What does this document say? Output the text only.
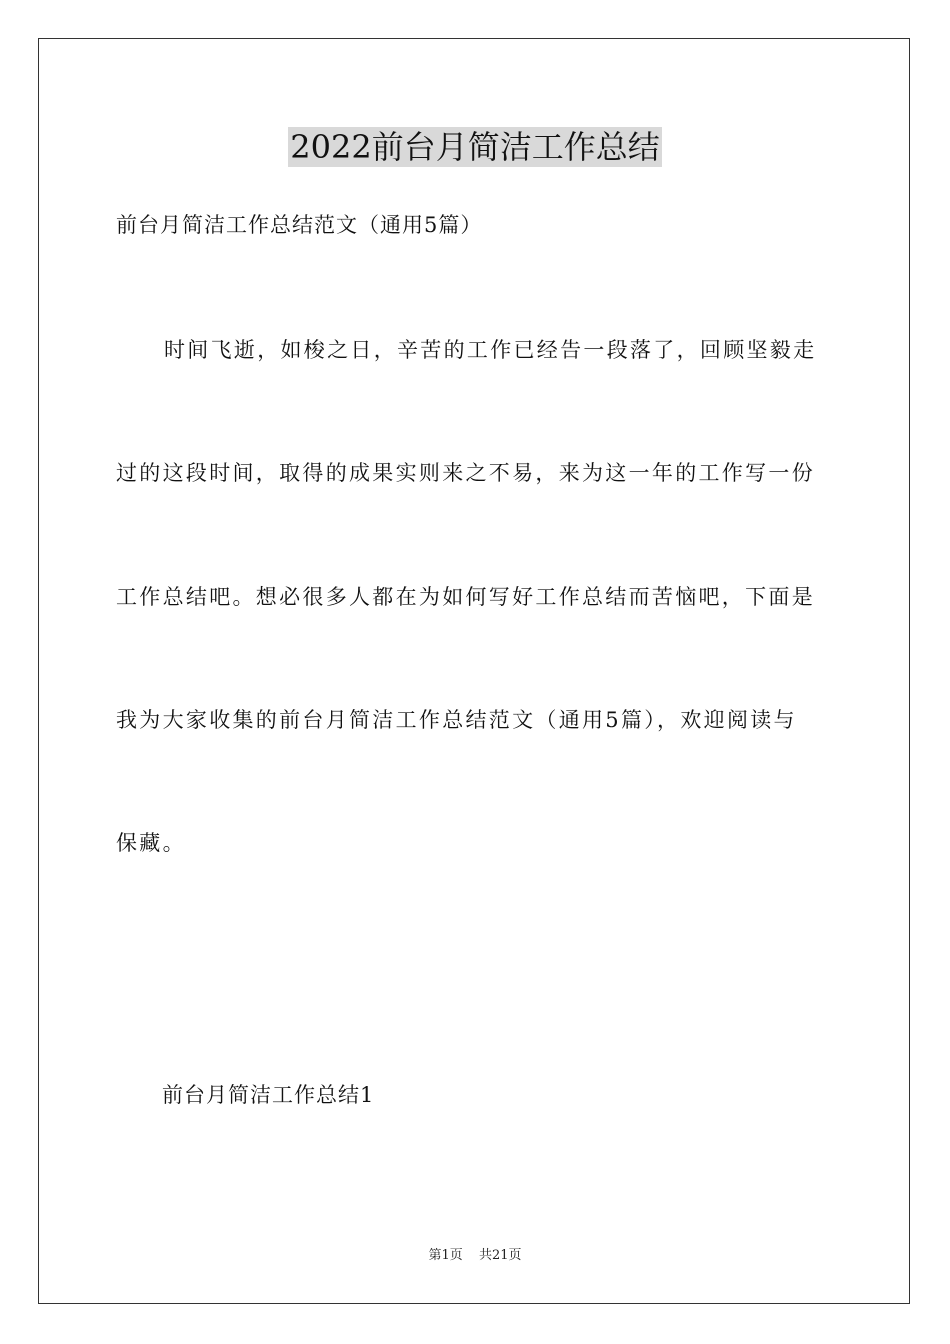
2022前台月简洁工作总结
前台月简洁工作总结范文（通用5篇）
时间飞逝，如梭之日，辛苦的工作已经告一段落了，回顾坚毅走
过的这段时间，取得的成果实则来之不易，来为这一年的工作写一份
工作总结吧。想必很多人都在为如何写好工作总结而苦恼吧，下面是
我为大家收集的前台月简洁工作总结范文（通用5篇），欢迎阅读与
保藏。
前台月简洁工作总结1
第1页 共21页
